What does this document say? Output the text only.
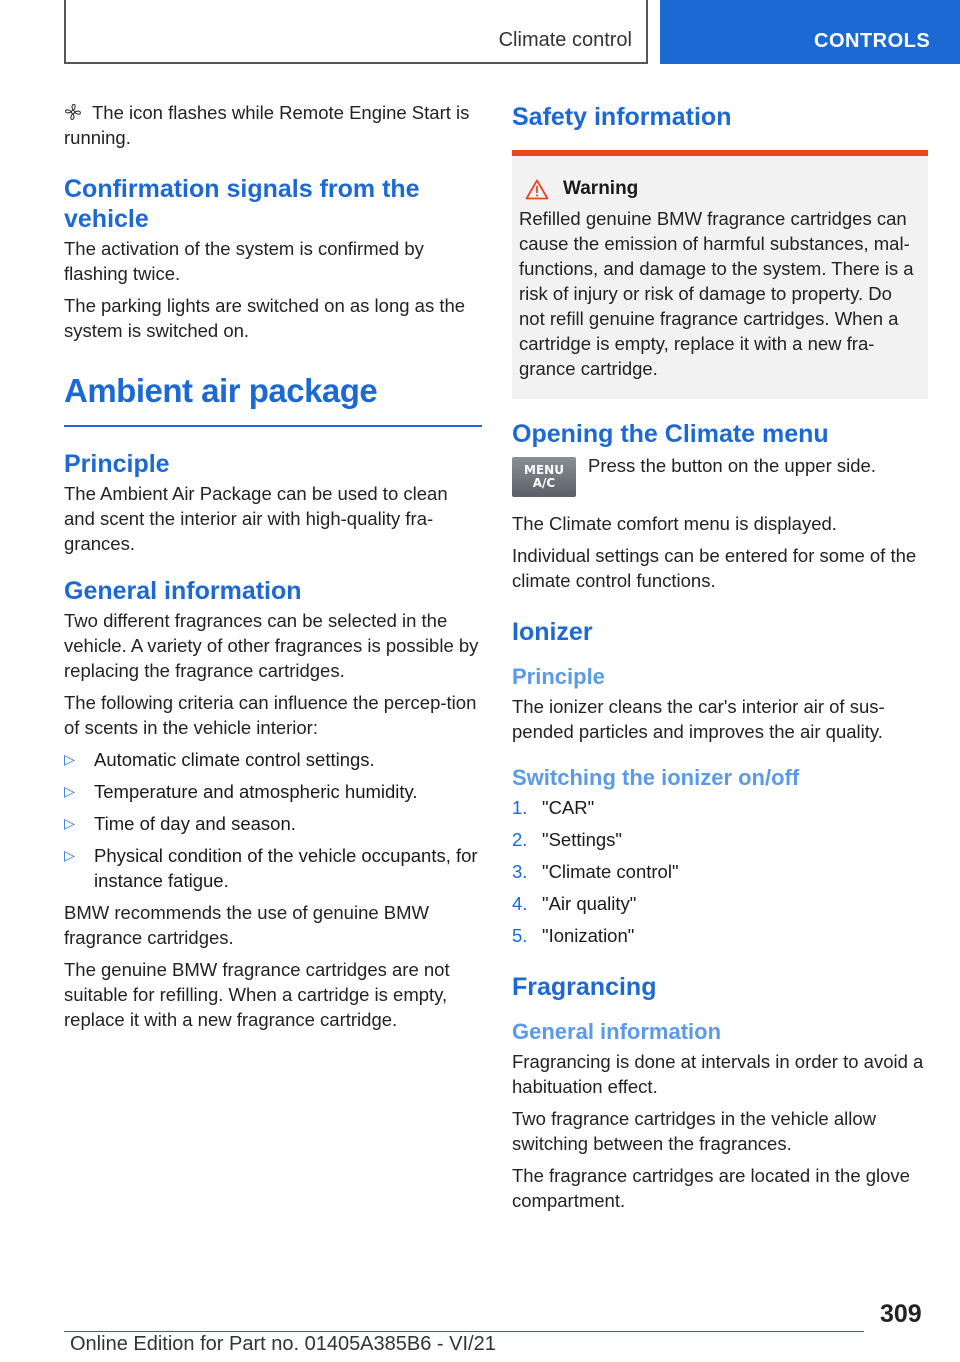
Climate control	CONTROLS

The icon flashes while Remote Engine Start is running.

Confirmation signals from the vehicle

The activation of the system is confirmed by flashing twice.

The parking lights are switched on as long as the system is switched on.

Ambient air package
Principle

The Ambient Air Package can be used to clean and scent the interior air with high-quality fra-grances.

General information

Two different fragrances can be selected in the vehicle. A variety of other fragrances is possible by replacing the fragrance cartridges.

The following criteria can influence the percep-tion of scents in the vehicle interior:

▷ Automatic climate control settings.
▷ Temperature and atmospheric humidity.
▷ Time of day and season.
▷ Physical condition of the vehicle occupants, for instance fatigue.

BMW recommends the use of genuine BMW fragrance cartridges.

The genuine BMW fragrance cartridges are not suitable for refilling. When a cartridge is empty, replace it with a new fragrance cartridge.

Safety information
Warning

Refilled genuine BMW fragrance cartridges can cause the emission of harmful substances, mal-functions, and damage to the system. There is a risk of injury or risk of damage to property. Do not refill genuine fragrance cartridges. When a cartridge is empty, replace it with a new fra-grance cartridge.

Opening the Climate menu
MENU
A/C

Press the button on the upper side.

The Climate comfort menu is displayed.

Individual settings can be entered for some of the climate control functions.

Ionizer
Principle

The ionizer cleans the car's interior air of sus-pended particles and improves the air quality.

Switching the ionizer on/off
1. "CAR"
2. "Settings"
3. "Climate control"
4. "Air quality"
5. "Ionization"
Fragrancing
General information

Fragrancing is done at intervals in order to avoid a habituation effect.

Two fragrance cartridges in the vehicle allow switching between the fragrances.

The fragrance cartridges are located in the glove compartment.

309
Online Edition for Part no. 01405A385B6 - VI/21
